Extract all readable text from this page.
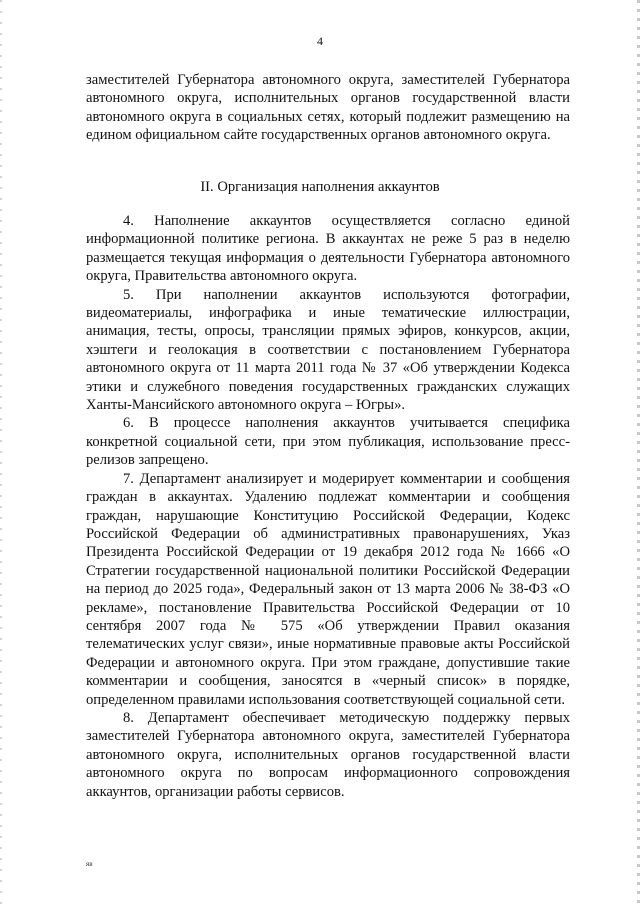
4

заместителей Губернатора автономного округа, заместителей Губернатора автономного округа, исполнительных органов государственной власти автономного округа в социальных сетях, который подлежит размещению на едином официальном сайте государственных органов автономного округа.

II. Организация наполнения аккаунтов

4. Наполнение аккаунтов осуществляется согласно единой информационной политике региона. В аккаунтах не реже 5 раз в неделю размещается текущая информация о деятельности Губернатора автономного округа, Правительства автономного округа.

5. При наполнении аккаунтов используются фотографии, видеоматериалы, инфографика и иные тематические иллюстрации, анимация, тесты, опросы, трансляции прямых эфиров, конкурсов, акции, хэштеги и геолокация в соответствии с постановлением Губернатора автономного округа от 11 марта 2011 года № 37 «Об утверждении Кодекса этики и служебного поведения государственных гражданских служащих Ханты-Мансийского автономного округа – Югры».

6. В процессе наполнения аккаунтов учитывается специфика конкретной социальной сети, при этом публикация, использование пресс-релизов запрещено.

7. Департамент анализирует и модерирует комментарии и сообщения граждан в аккаунтах. Удалению подлежат комментарии и сообщения граждан, нарушающие Конституцию Российской Федерации, Кодекс Российской Федерации об административных правонарушениях, Указ Президента Российской Федерации от 19 декабря 2012 года № 1666 «О Стратегии государственной национальной политики Российской Федерации на период до 2025 года», Федеральный закон от 13 марта 2006 № 38-ФЗ «О рекламе», постановление Правительства Российской Федерации от 10 сентября 2007 года № 575 «Об утверждении Правил оказания телематических услуг связи», иные нормативные правовые акты Российской Федерации и автономного округа. При этом граждане, допустившие такие комментарии и сообщения, заносятся в «черный список» в порядке, определенном правилами использования соответствующей социальной сети.

8. Департамент обеспечивает методическую поддержку первых заместителей Губернатора автономного округа, заместителей Губернатора автономного округа, исполнительных органов государственной власти автономного округа по вопросам информационного сопровождения аккаунтов, организации работы сервисов.

яв
